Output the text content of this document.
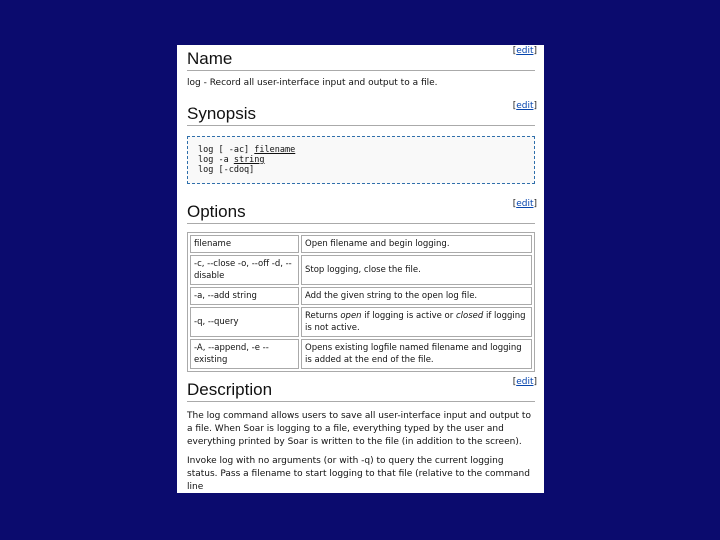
Name	[edit]

log - Record all user-interface input and output to a file.

Synopsis	[edit]
log [ -ac] filename
log -a string
log [-cdoq]
Options	[edit]
filename	Open filename and begin logging.
-c, --close -o, --off -d, --disable	Stop logging, close the file.
-a, --add string	Add the given string to the open log file.
-q, --query	Returns open if logging is active or closed if logging is not active.
-A, --append, -e --existing	Opens existing logfile named filename and logging is added at the end of the file.
Description	[edit]

The log command allows users to save all user-interface input and output to a file. When Soar is logging to a file, everything typed by the user and everything printed by Soar is written to the file (in addition to the screen).

Invoke log with no arguments (or with -q) to query the current logging status. Pass a filename to start logging to that file (relative to the command line
